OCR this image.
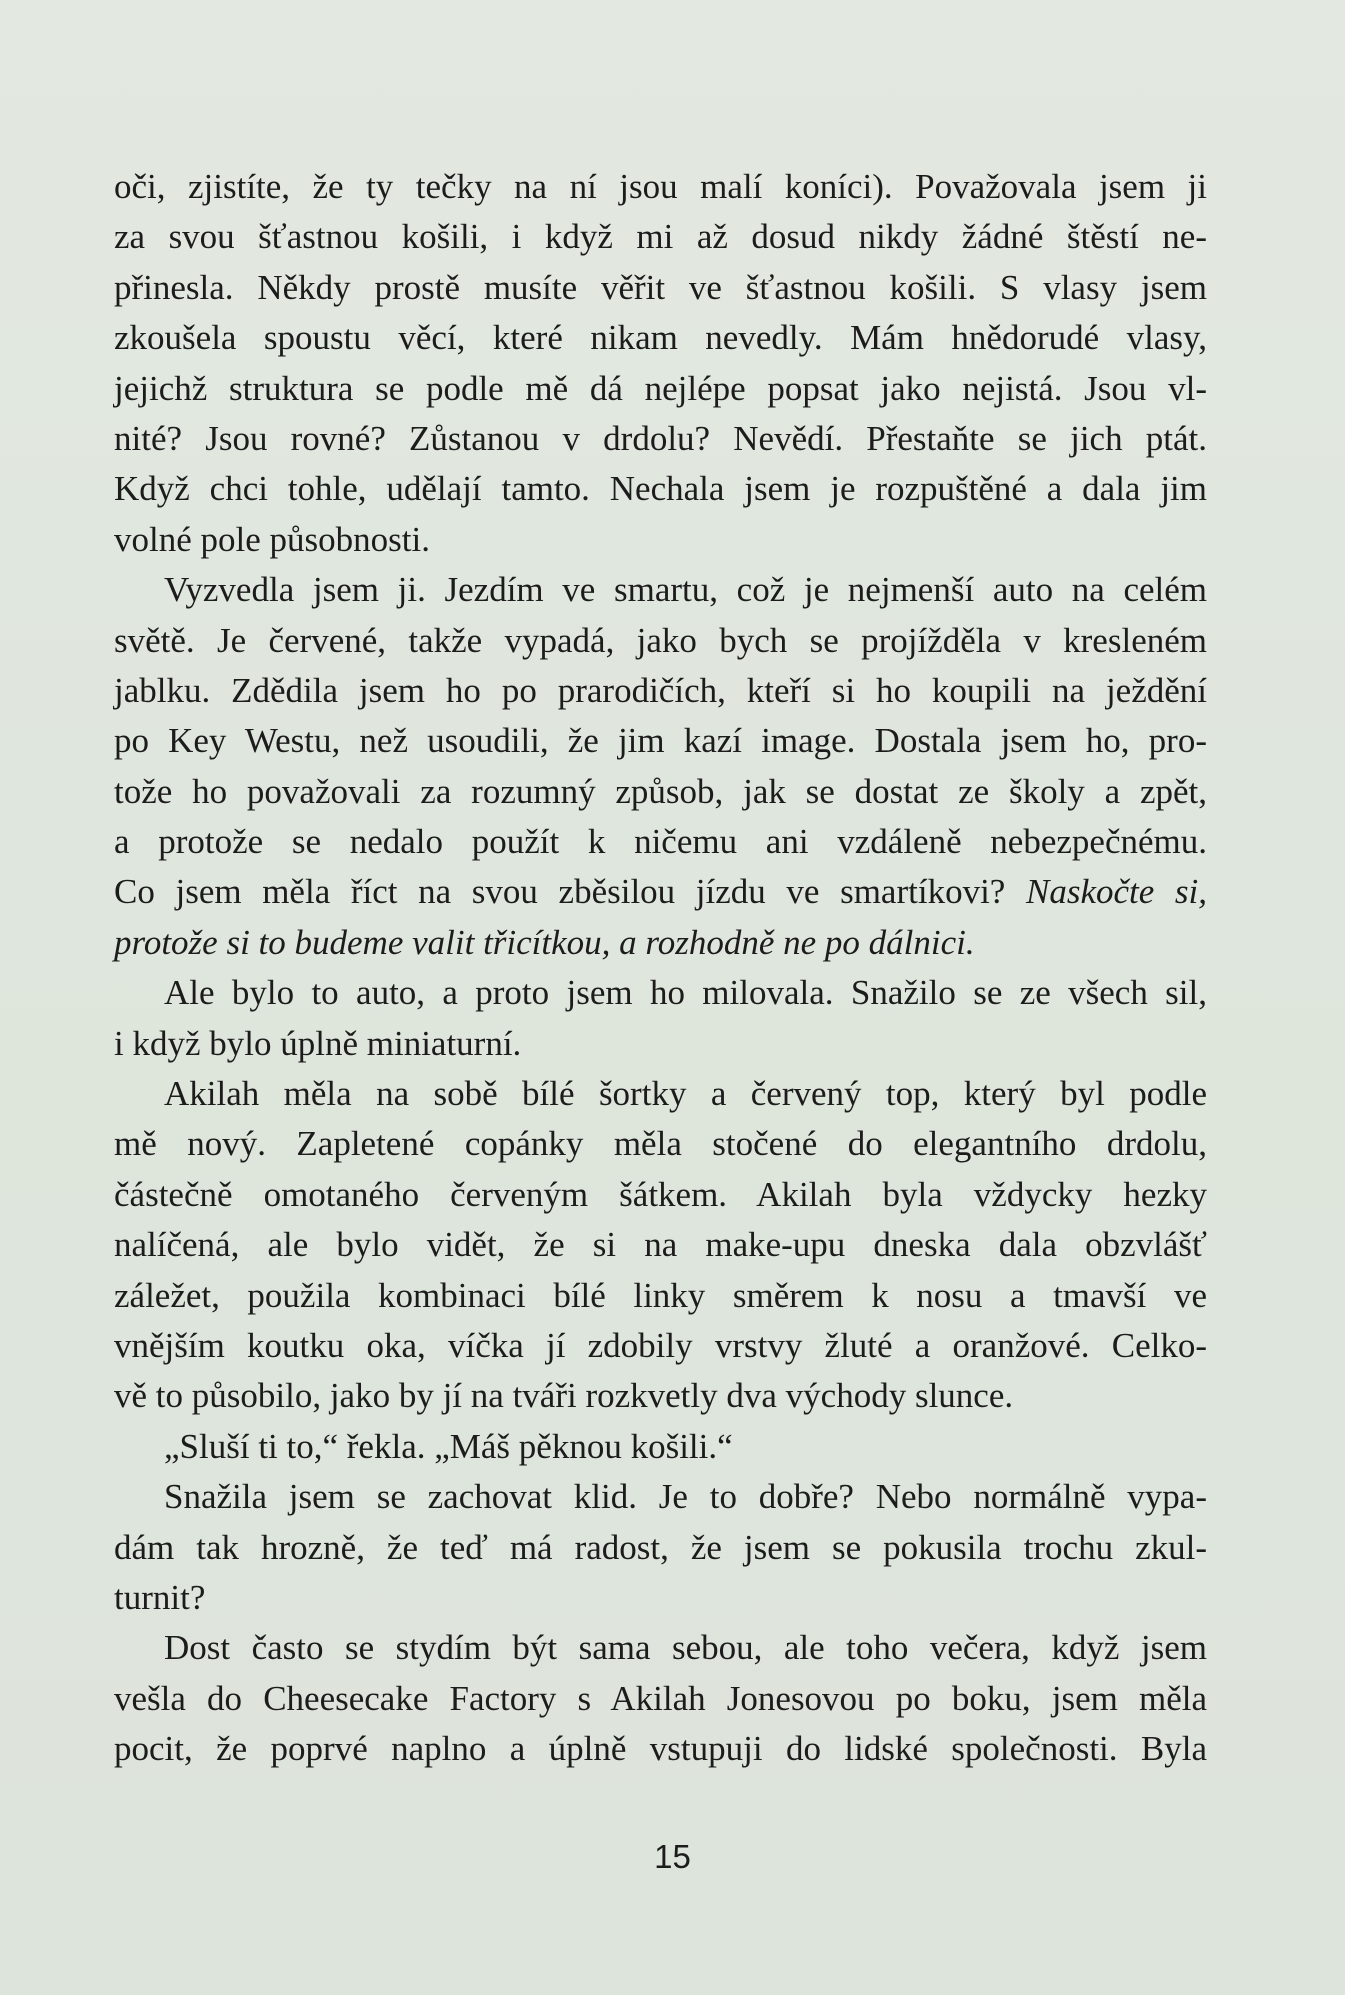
oči, zjistíte, že ty tečky na ní jsou malí koníci). Považovala jsem ji
za svou šťastnou košili, i když mi až dosud nikdy žádné štěstí ne-
přinesla. Někdy prostě musíte věřit ve šťastnou košili. S vlasy jsem
zkoušela spoustu věcí, které nikam nevedly. Mám hnědorudé vlasy,
jejichž struktura se podle mě dá nejlépe popsat jako nejistá. Jsou vl-
nité? Jsou rovné? Zůstanou v drdolu? Nevědí. Přestaňte se jich ptát.
Když chci tohle, udělají tamto. Nechala jsem je rozpuštěné a dala jim
volné pole působnosti.
Vyzvedla jsem ji. Jezdím ve smartu, což je nejmenší auto na celém
světě. Je červené, takže vypadá, jako bych se projížděla v kresleném
jablku. Zdědila jsem ho po prarodičích, kteří si ho koupili na ježdění
po Key Westu, než usoudili, že jim kazí image. Dostala jsem ho, pro-
tože ho považovali za rozumný způsob, jak se dostat ze školy a zpět,
a protože se nedalo použít k ničemu ani vzdáleně nebezpečnému.
Co jsem měla říct na svou zběsilou jízdu ve smartíkovi? Naskočte si,
protože si to budeme valit třicítkou, a rozhodně ne po dálnici.
Ale bylo to auto, a proto jsem ho milovala. Snažilo se ze všech sil,
i když bylo úplně miniaturní.
Akilah měla na sobě bílé šortky a červený top, který byl podle
mě nový. Zapletené copánky měla stočené do elegantního drdolu,
částečně omotaného červeným šátkem. Akilah byla vždycky hezky
nalíčená, ale bylo vidět, že si na make-upu dneska dala obzvlášť
záležet, použila kombinaci bílé linky směrem k nosu a tmavší ve
vnějším koutku oka, víčka jí zdobily vrstvy žluté a oranžové. Celko-
vě to působilo, jako by jí na tváři rozkvetly dva východy slunce.
„Sluší ti to,“ řekla. „Máš pěknou košili.“
Snažila jsem se zachovat klid. Je to dobře? Nebo normálně vypa-
dám tak hrozně, že teď má radost, že jsem se pokusila trochu zkul-
turnit?
Dost často se stydím být sama sebou, ale toho večera, když jsem
vešla do Cheesecake Factory s Akilah Jonesovou po boku, jsem měla
pocit, že poprvé naplno a úplně vstupuji do lidské společnosti. Byla
15
